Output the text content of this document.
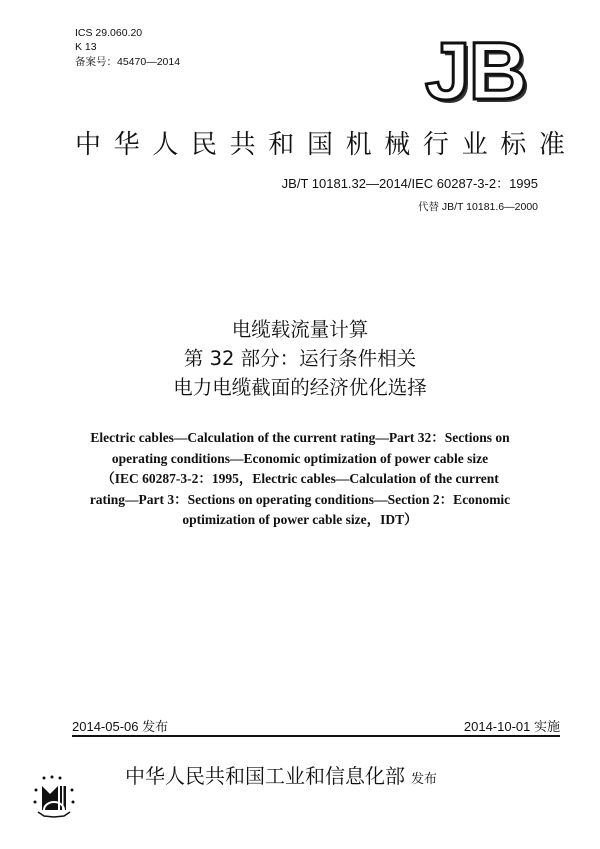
ICS 29.060.20
K 13
备案号：45470—2014	JB
中 华 人 民 共 和 国 机 械 行 业 标 准
JB/T 10181.32—2014/IEC 60287-3-2：1995
代替 JB/T 10181.6—2000
电缆载流量计算
第 32 部分：运行条件相关
电力电缆截面的经济优化选择
Electric cables—Calculation of the current rating—Part 32：Sections on
operating conditions—Economic optimization of power cable size
（IEC 60287-3-2：1995，Electric cables—Calculation of the current
rating—Part 3：Sections on operating conditions—Section 2：Economic
optimization of power cable size，IDT）
2014-05-06 发布	2014-10-01 实施
中华人民共和国工业和信息化部 发布
